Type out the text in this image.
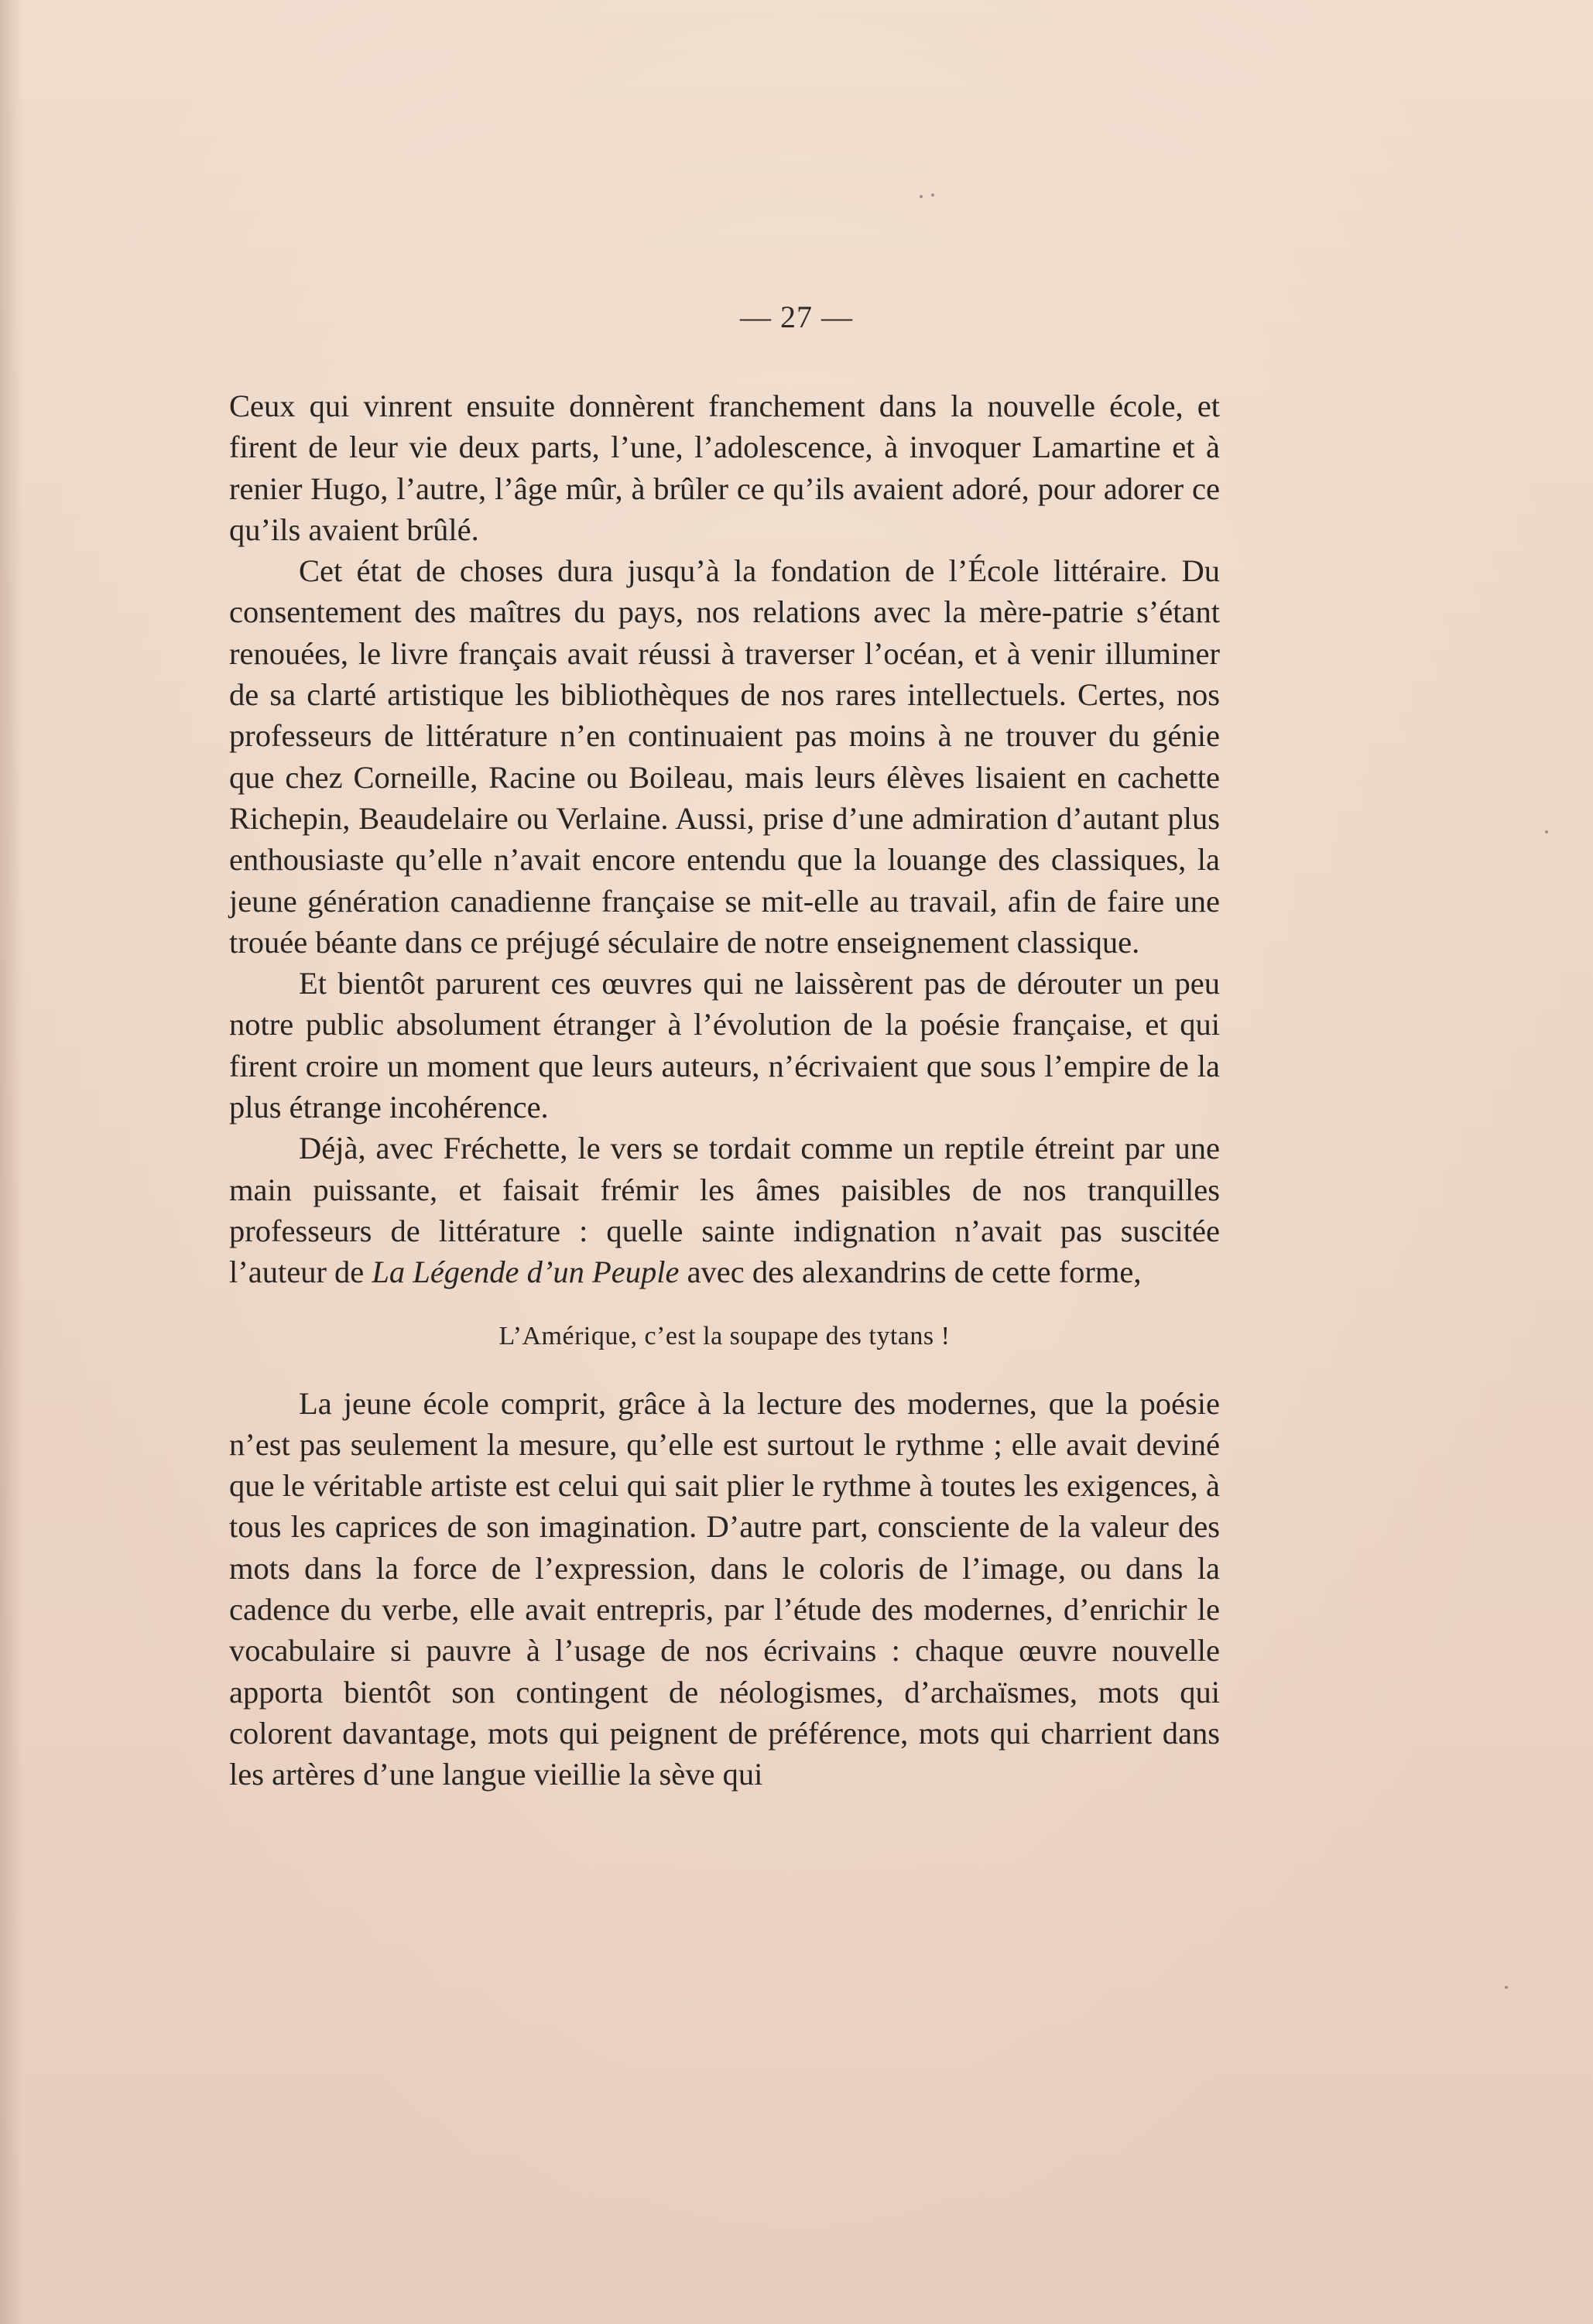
— 27 —

Ceux qui vinrent ensuite donnèrent franchement dans la nouvelle école, et firent de leur vie deux parts, l’une, l’adolescence, à invoquer Lamartine et à renier Hugo, l’autre, l’âge mûr, à brûler ce qu’ils avaient adoré, pour adorer ce qu’ils avaient brûlé.

Cet état de choses dura jusqu’à la fondation de l’École littéraire. Du consentement des maîtres du pays, nos relations avec la mère-patrie s’étant renouées, le livre français avait réussi à traverser l’océan, et à venir illuminer de sa clarté artistique les bibliothèques de nos rares intellectuels. Certes, nos professeurs de littérature n’en continuaient pas moins à ne trouver du génie que chez Corneille, Racine ou Boileau, mais leurs élèves lisaient en cachette Richepin, Beaudelaire ou Verlaine. Aussi, prise d’une admiration d’autant plus enthousiaste qu’elle n’avait encore entendu que la louange des classiques, la jeune génération canadienne française se mit-elle au travail, afin de faire une trouée béante dans ce préjugé séculaire de notre enseignement classique.

Et bientôt parurent ces œuvres qui ne laissèrent pas de dérouter un peu notre public absolument étranger à l’évolution de la poésie française, et qui firent croire un moment que leurs auteurs, n’écrivaient que sous l’empire de la plus étrange incohérence.

Déjà, avec Fréchette, le vers se tordait comme un reptile étreint par une main puissante, et faisait frémir les âmes paisibles de nos tranquilles professeurs de littérature : quelle sainte indignation n’avait pas suscitée l’auteur de La Légende d’un Peuple avec des alexandrins de cette forme,

L’Amérique, c’est la soupape des tytans !

La jeune école comprit, grâce à la lecture des modernes, que la poésie n’est pas seulement la mesure, qu’elle est surtout le rythme ; elle avait deviné que le véritable artiste est celui qui sait plier le rythme à toutes les exigences, à tous les caprices de son imagination. D’autre part, consciente de la valeur des mots dans la force de l’expression, dans le coloris de l’image, ou dans la cadence du verbe, elle avait entrepris, par l’étude des modernes, d’enrichir le vocabulaire si pauvre à l’usage de nos écrivains : chaque œuvre nouvelle apporta bientôt son contingent de néologismes, d’archaïsmes, mots qui colorent davantage, mots qui peignent de préférence, mots qui charrient dans les artères d’une langue vieillie la sève qui
